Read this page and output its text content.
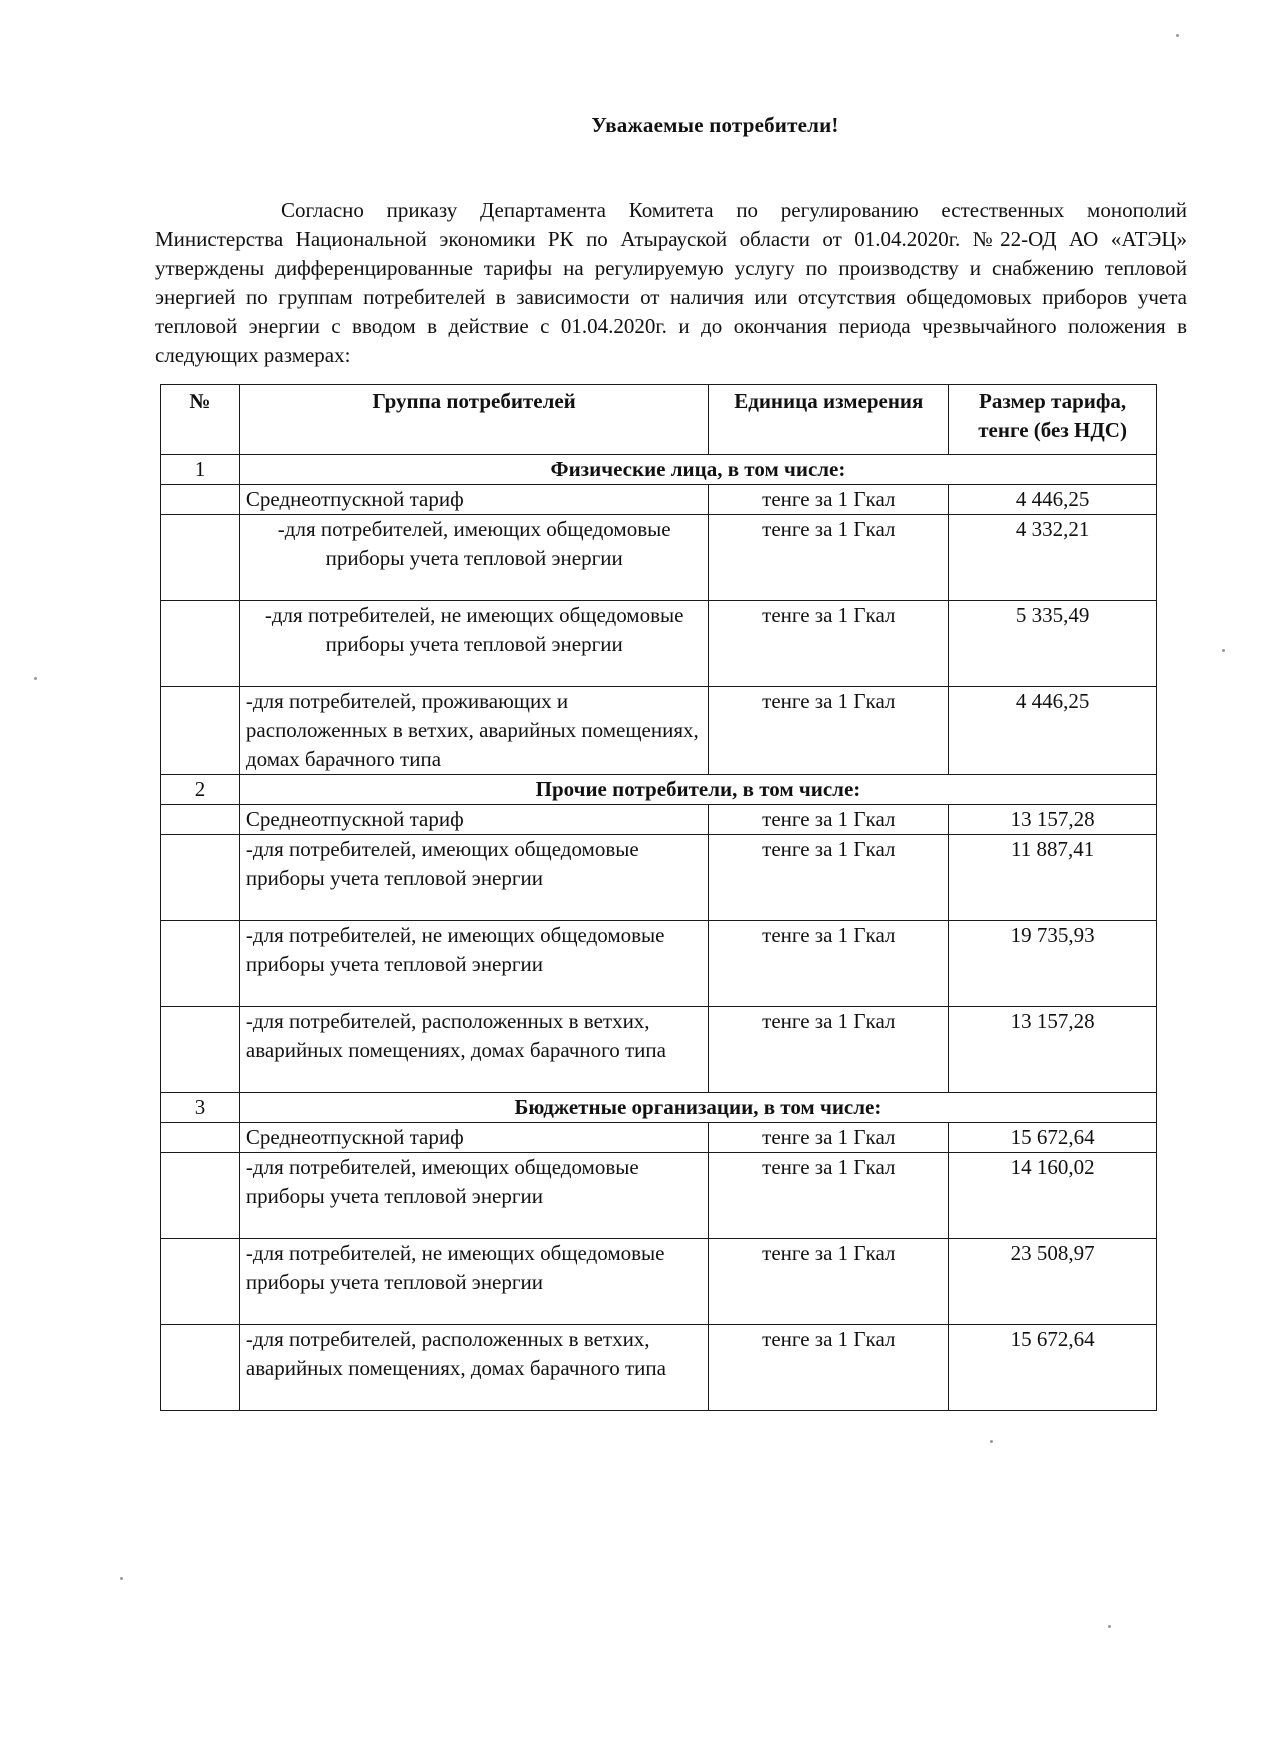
Уважаемые потребители!

Согласно приказу Департамента Комитета по регулированию естественных монополий Министерства Национальной экономики РК по Атырауской области от 01.04.2020г. №22-ОД АО «АТЭЦ» утверждены дифференцированные тарифы на регулируемую услугу по производству и снабжению тепловой энергией по группам потребителей в зависимости от наличия или отсутствия общедомовых приборов учета тепловой энергии с вводом в действие с 01.04.2020г. и до окончания периода чрезвычайного положения в следующих размерах:

№	Группа потребителей	Единица измерения	Размер тарифа, тенге (без НДС)
1	Физические лица, в том числе:		
	Среднеотпускной тариф	тенге за 1 Гкал	4 446,25
	-для потребителей, имеющих общедомовые приборы учета тепловой энергии	тенге за 1 Гкал	4 332,21
	-для потребителей, не имеющих общедомовые приборы учета тепловой энергии	тенге за 1 Гкал	5 335,49
	-для потребителей, проживающих и расположенных в ветхих, аварийных помещениях, домах барачного типа	тенге за 1 Гкал	4 446,25
2	Прочие потребители, в том числе:		
	Среднеотпускной тариф	тенге за 1 Гкал	13 157,28
	-для потребителей, имеющих общедомовые приборы учета тепловой энергии	тенге за 1 Гкал	11 887,41
	-для потребителей, не имеющих общедомовые приборы учета тепловой энергии	тенге за 1 Гкал	19 735,93
	-для потребителей, расположенных в ветхих, аварийных помещениях, домах барачного типа	тенге за 1 Гкал	13 157,28
3	Бюджетные организации, в том числе:		
	Среднеотпускной тариф	тенге за 1 Гкал	15 672,64
	-для потребителей, имеющих общедомовые приборы учета тепловой энергии	тенге за 1 Гкал	14 160,02
	-для потребителей, не имеющих общедомовые приборы учета тепловой энергии	тенге за 1 Гкал	23 508,97
	-для потребителей, расположенных в ветхих, аварийных помещениях, домах барачного типа	тенге за 1 Гкал	15 672,64
